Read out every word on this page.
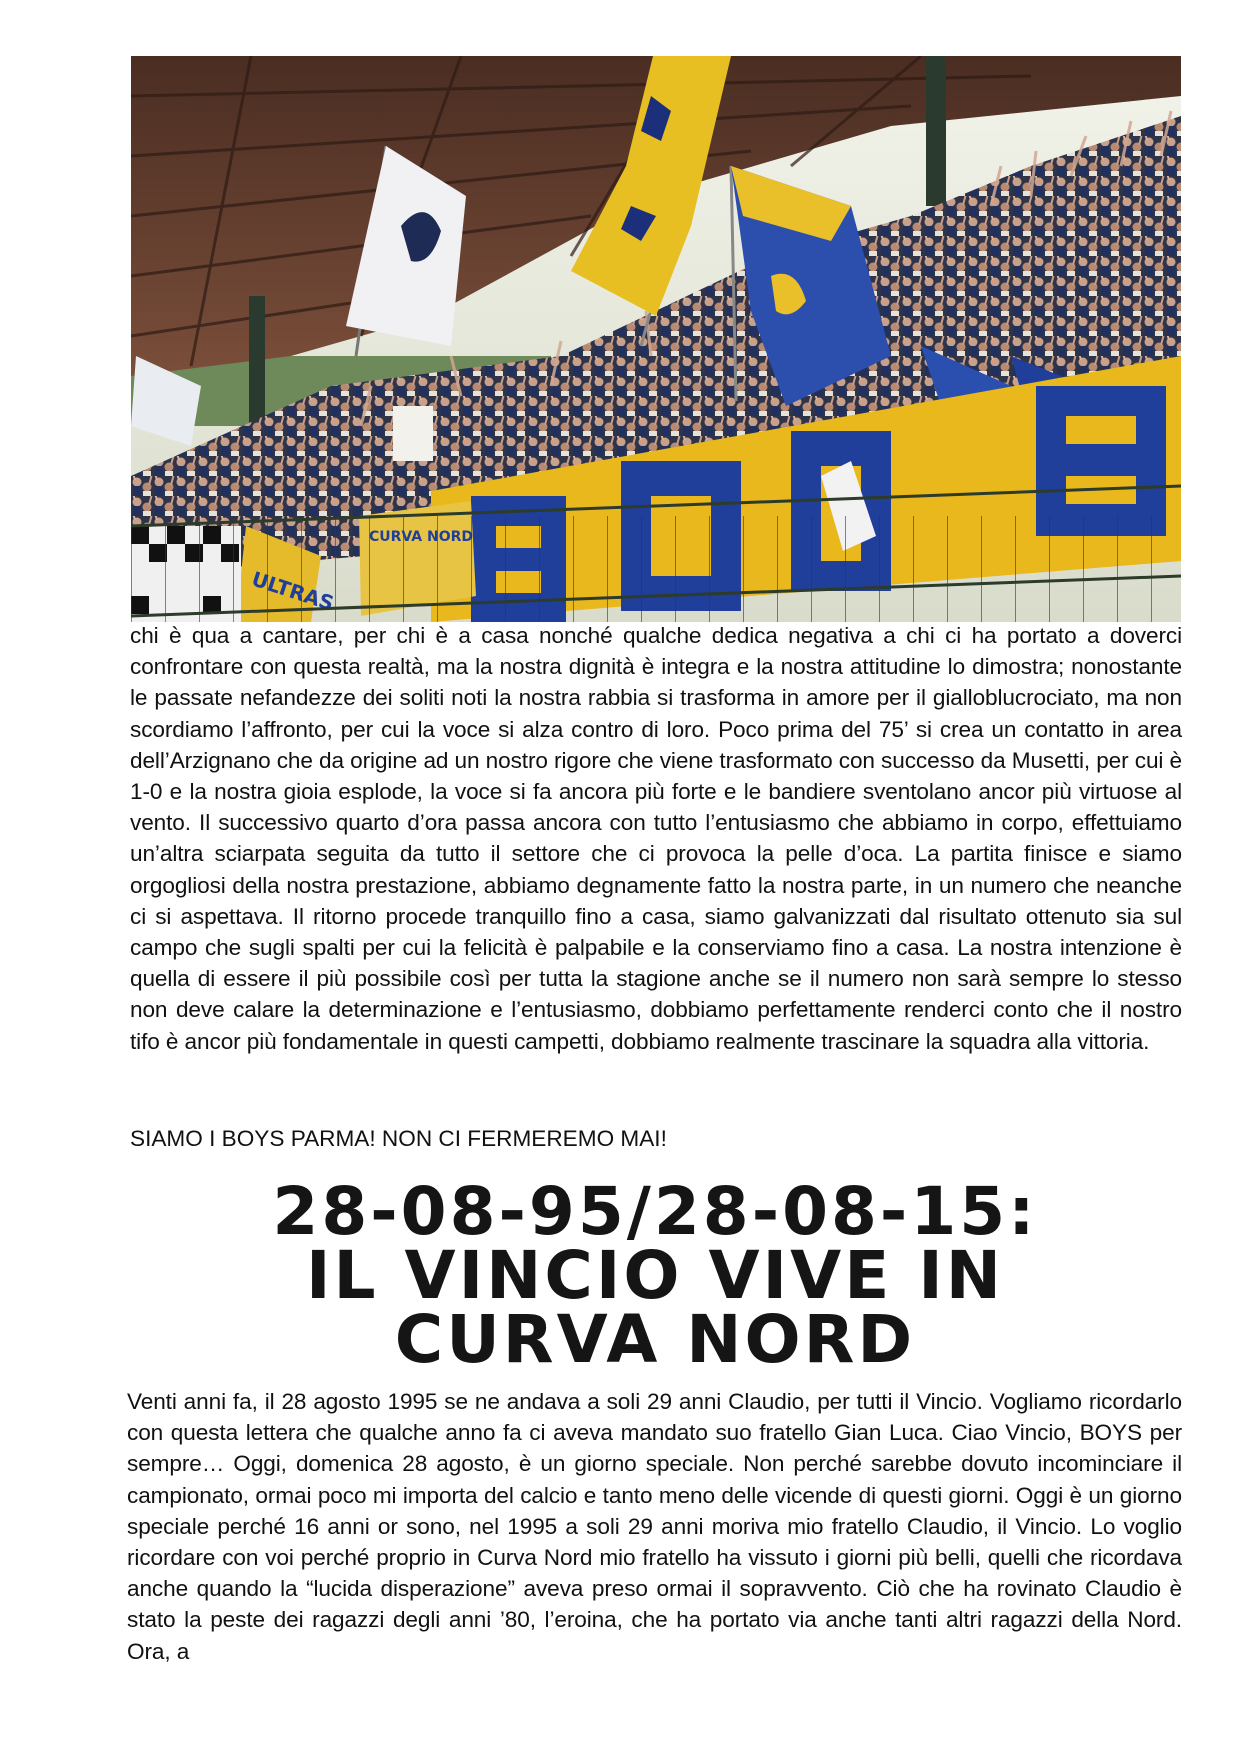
chi è qua a cantare, per chi è a casa nonché qualche dedica negativa a chi ci ha portato a doverci confrontare con questa realtà, ma la nostra dignità è integra e la nostra attitudine lo dimostra; nonostante le passate nefandezze dei soliti noti la nostra rabbia si trasforma in amore per il gialloblucrociato, ma non scordiamo l’affronto, per cui la voce si alza contro di loro. Poco prima del 75’ si crea un contatto in area dell’Arzignano che da origine ad un nostro rigore che viene trasformato con successo da Musetti, per cui è 1-0 e la nostra gioia esplode, la voce si fa ancora più forte e le bandiere sventolano ancor più virtuose al vento. Il successivo quarto d’ora passa ancora con tutto l’entusiasmo che abbiamo in corpo, effettuiamo un’altra sciarpata seguita da tutto il settore che ci provoca la pelle d’oca. La partita finisce e siamo orgogliosi della nostra prestazione, abbiamo degnamente fatto la nostra parte, in un numero che neanche ci si aspettava. Il ritorno procede tranquillo fino a casa, siamo galvanizzati dal risultato ottenuto sia sul campo che sugli spalti per cui la felicità è palpabile e la conserviamo fino a casa. La nostra intenzione è quella di essere il più possibile così per tutta la stagione anche se il numero non sarà sempre lo stesso non deve calare la determinazione e l’entusiasmo, dobbiamo perfettamente renderci conto che il nostro tifo è ancor più fondamentale in questi campetti, dobbiamo realmente trascinare la squadra alla vittoria.

SIAMO I BOYS PARMA! NON CI FERMEREMO MAI!

28-08-95/28-08-15:
IL VINCIO VIVE IN
CURVA NORD

Venti anni fa, il 28 agosto 1995 se ne andava a soli 29 anni Claudio, per tutti il Vincio. Vogliamo ricordarlo con questa lettera che qualche anno fa ci aveva mandato suo fratello Gian Luca. Ciao Vincio, BOYS per sempre… Oggi, domenica 28 agosto, è un giorno speciale. Non perché sarebbe dovuto incominciare il campionato, ormai poco mi importa del calcio e tanto meno delle vicende di questi giorni. Oggi è un giorno speciale perché 16 anni or sono, nel 1995 a soli 29 anni moriva mio fratello Claudio, il Vincio. Lo voglio ricordare con voi perché proprio in Curva Nord mio fratello ha vissuto i giorni più belli, quelli che ricordava anche quando la “lucida disperazione” aveva preso ormai il sopravvento. Ciò che ha rovinato Claudio è stato la peste dei ragazzi degli anni ’80, l’eroina, che ha portato via anche tanti altri ragazzi della Nord. Ora, a
